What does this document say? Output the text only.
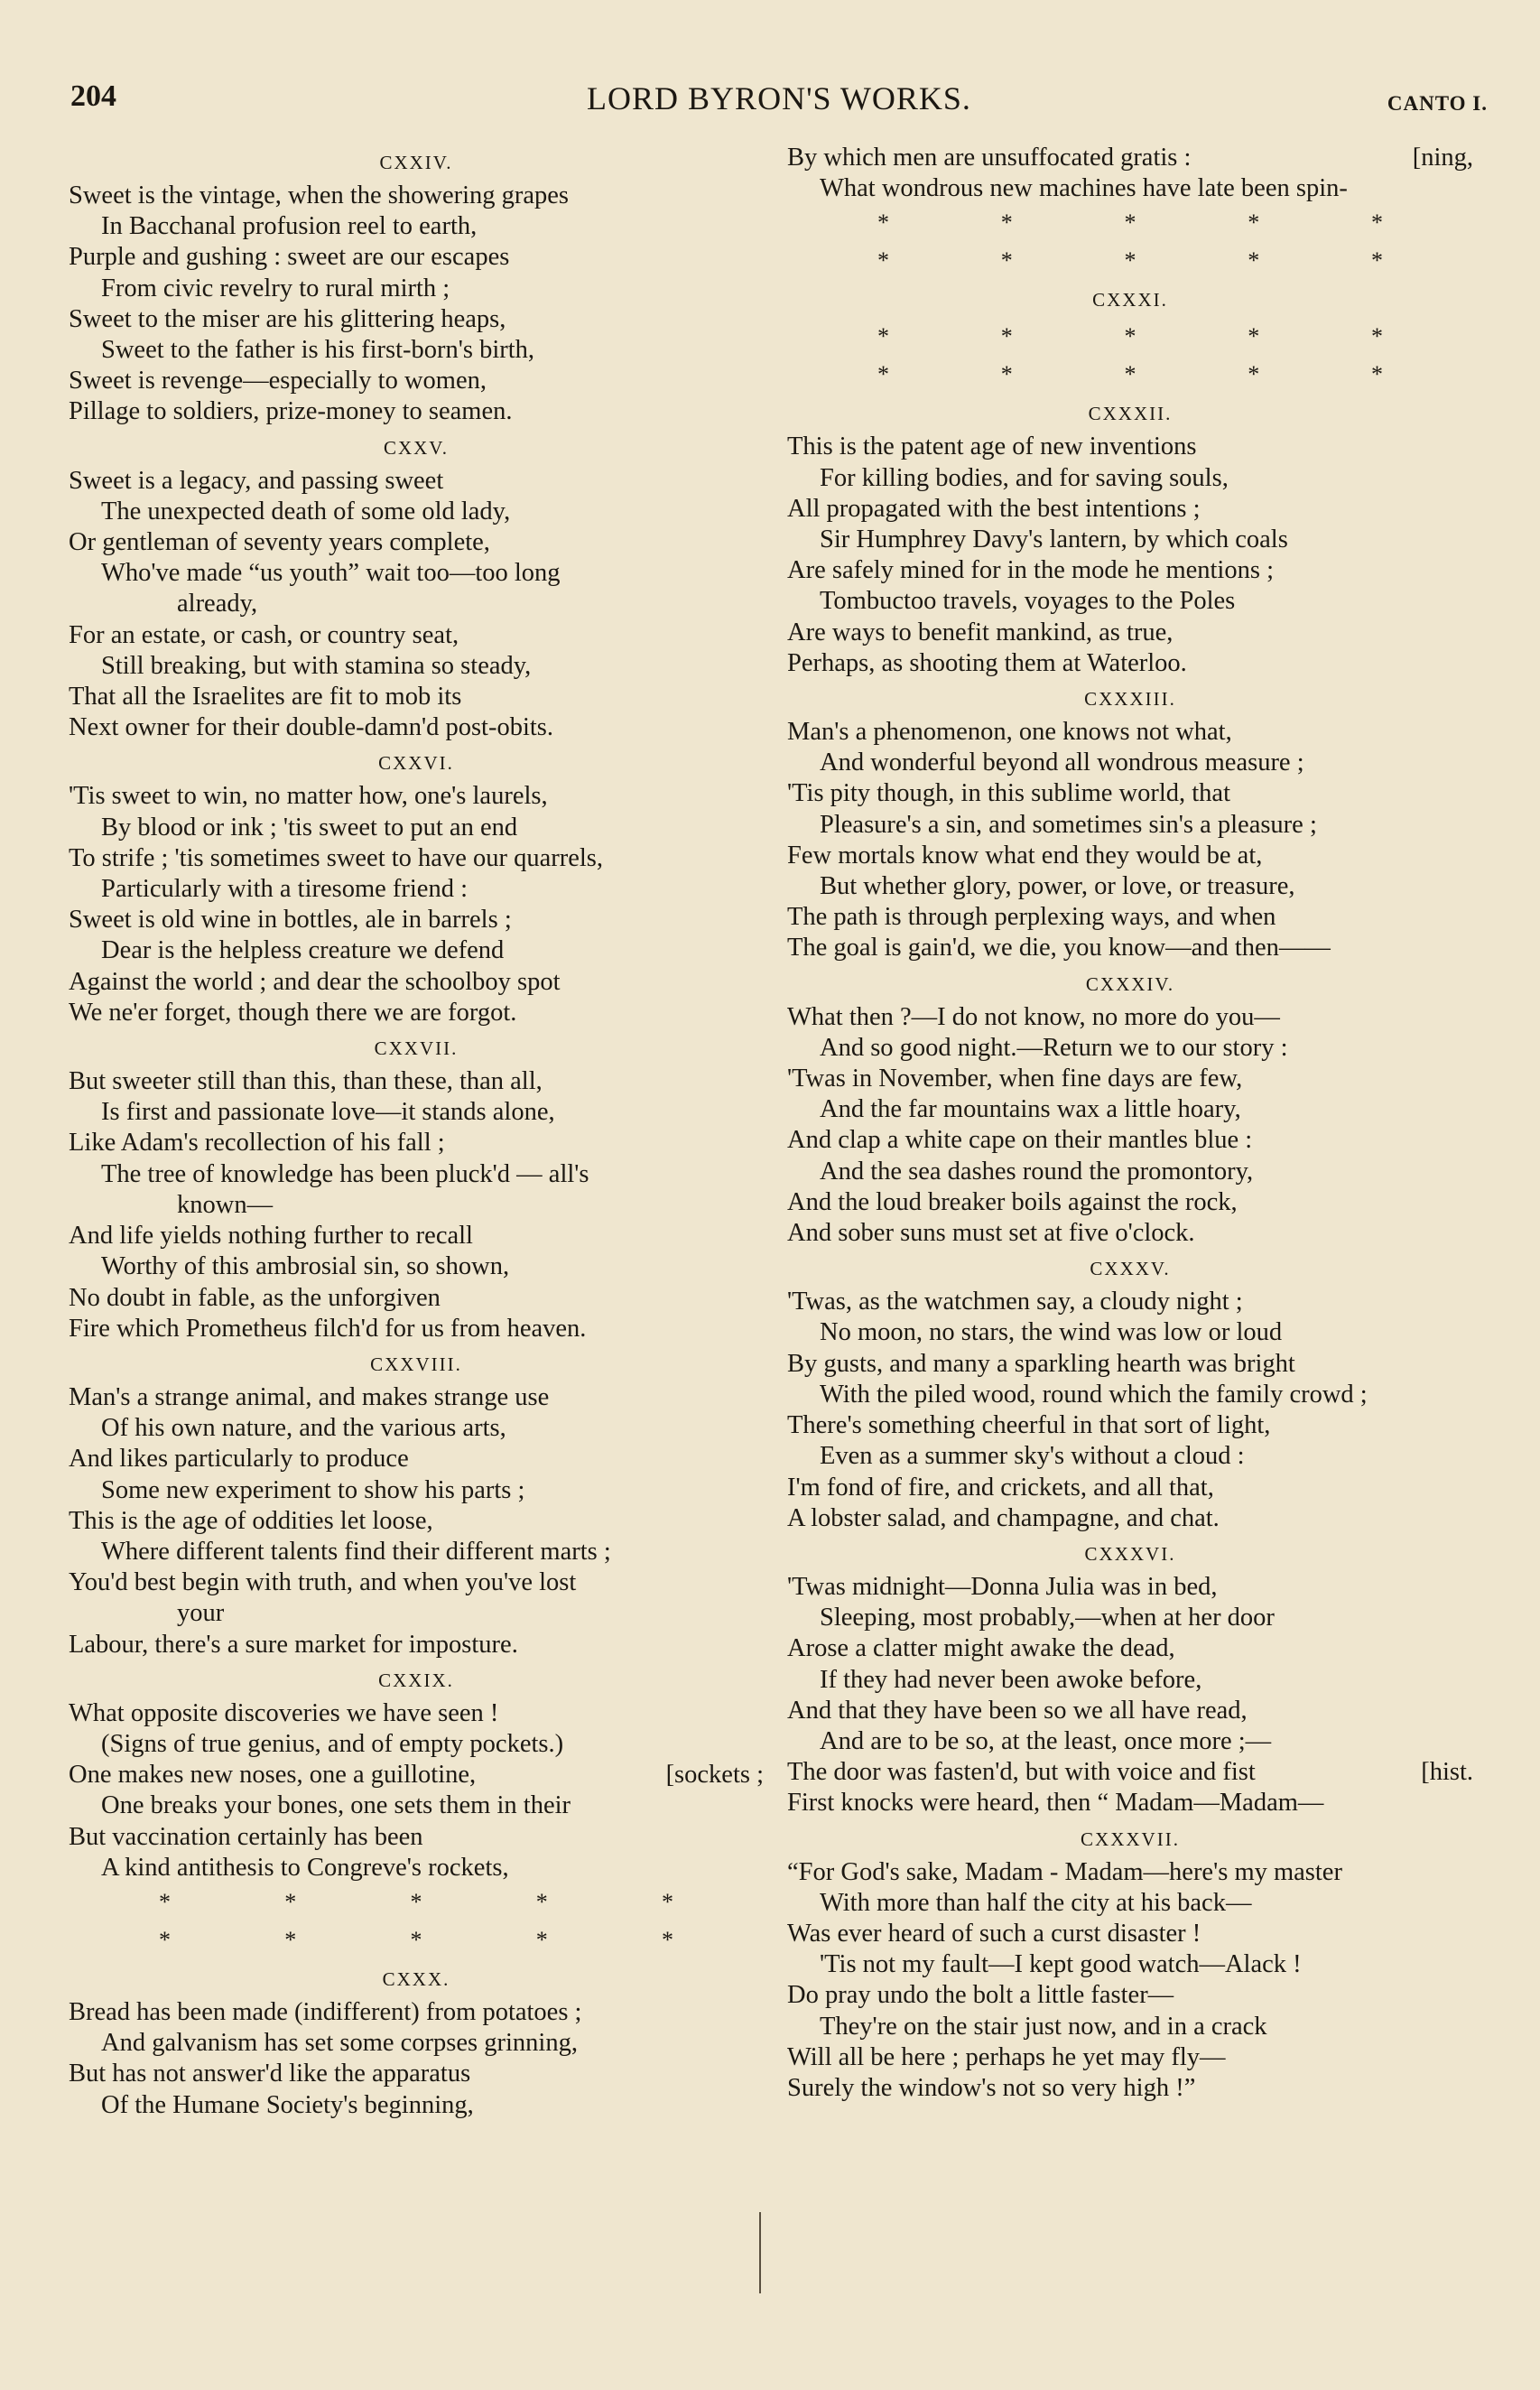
204	LORD BYRON'S WORKS.	CANTO I.
CXXIV.
Sweet is the vintage, when the showering grapes
In Bacchanal profusion reel to earth,
Purple and gushing : sweet are our escapes
From civic revelry to rural mirth ;
Sweet to the miser are his glittering heaps,
Sweet to the father is his first-born's birth,
Sweet is revenge—especially to women,
Pillage to soldiers, prize-money to seamen.
CXXV.
Sweet is a legacy, and passing sweet
The unexpected death of some old lady,
Or gentleman of seventy years complete,
Who've made “us youth” wait too—too long
already,
For an estate, or cash, or country seat,
Still breaking, but with stamina so steady,
That all the Israelites are fit to mob its
Next owner for their double-damn'd post-obits.
CXXVI.
'Tis sweet to win, no matter how, one's laurels,
By blood or ink ; 'tis sweet to put an end
To strife ; 'tis sometimes sweet to have our quarrels,
Particularly with a tiresome friend :
Sweet is old wine in bottles, ale in barrels ;
Dear is the helpless creature we defend
Against the world ; and dear the schoolboy spot
We ne'er forget, though there we are forgot.
CXXVII.
But sweeter still than this, than these, than all,
Is first and passionate love—it stands alone,
Like Adam's recollection of his fall ;
The tree of knowledge has been pluck'd — all's
known—
And life yields nothing further to recall
Worthy of this ambrosial sin, so shown,
No doubt in fable, as the unforgiven
Fire which Prometheus filch'd for us from heaven.
CXXVIII.
Man's a strange animal, and makes strange use
Of his own nature, and the various arts,
And likes particularly to produce
Some new experiment to show his parts ;
This is the age of oddities let loose,
Where different talents find their different marts ;
You'd best begin with truth, and when you've lost
your
Labour, there's a sure market for imposture.
CXXIX.
What opposite discoveries we have seen !
(Signs of true genius, and of empty pockets.)
One makes new noses, one a guillotine,	[sockets ;
One breaks your bones, one sets them in their
But vaccination certainly has been
A kind antithesis to Congreve's rockets,
*	*	*	*	*
*	*	*	*	*
CXXX.
Bread has been made (indifferent) from potatoes ;
And galvanism has set some corpses grinning,
But has not answer'd like the apparatus
Of the Humane Society's beginning,
By which men are unsuffocated gratis :	[ning,
What wondrous new machines have late been spin-
*	*	*	*	*
*	*	*	*	*
CXXXI.
*	*	*	*	*
*	*	*	*	*
CXXXII.
This is the patent age of new inventions
For killing bodies, and for saving souls,
All propagated with the best intentions ;
Sir Humphrey Davy's lantern, by which coals
Are safely mined for in the mode he mentions ;
Tombuctoo travels, voyages to the Poles
Are ways to benefit mankind, as true,
Perhaps, as shooting them at Waterloo.
CXXXIII.
Man's a phenomenon, one knows not what,
And wonderful beyond all wondrous measure ;
'Tis pity though, in this sublime world, that
Pleasure's a sin, and sometimes sin's a pleasure ;
Few mortals know what end they would be at,
But whether glory, power, or love, or treasure,
The path is through perplexing ways, and when
The goal is gain'd, we die, you know—and then——
CXXXIV.
What then ?—I do not know, no more do you—
And so good night.—Return we to our story :
'Twas in November, when fine days are few,
And the far mountains wax a little hoary,
And clap a white cape on their mantles blue :
And the sea dashes round the promontory,
And the loud breaker boils against the rock,
And sober suns must set at five o'clock.
CXXXV.
'Twas, as the watchmen say, a cloudy night ;
No moon, no stars, the wind was low or loud
By gusts, and many a sparkling hearth was bright
With the piled wood, round which the family crowd ;
There's something cheerful in that sort of light,
Even as a summer sky's without a cloud :
I'm fond of fire, and crickets, and all that,
A lobster salad, and champagne, and chat.
CXXXVI.
'Twas midnight—Donna Julia was in bed,
Sleeping, most probably,—when at her door
Arose a clatter might awake the dead,
If they had never been awoke before,
And that they have been so we all have read,
And are to be so, at the least, once more ;—
The door was fasten'd, but with voice and fist	[hist.
First knocks were heard, then “ Madam—Madam—
CXXXVII.
“For God's sake, Madam - Madam—here's my master
With more than half the city at his back—
Was ever heard of such a curst disaster !
'Tis not my fault—I kept good watch—Alack !
Do pray undo the bolt a little faster—
They're on the stair just now, and in a crack
Will all be here ; perhaps he yet may fly—
Surely the window's not so very high !”
